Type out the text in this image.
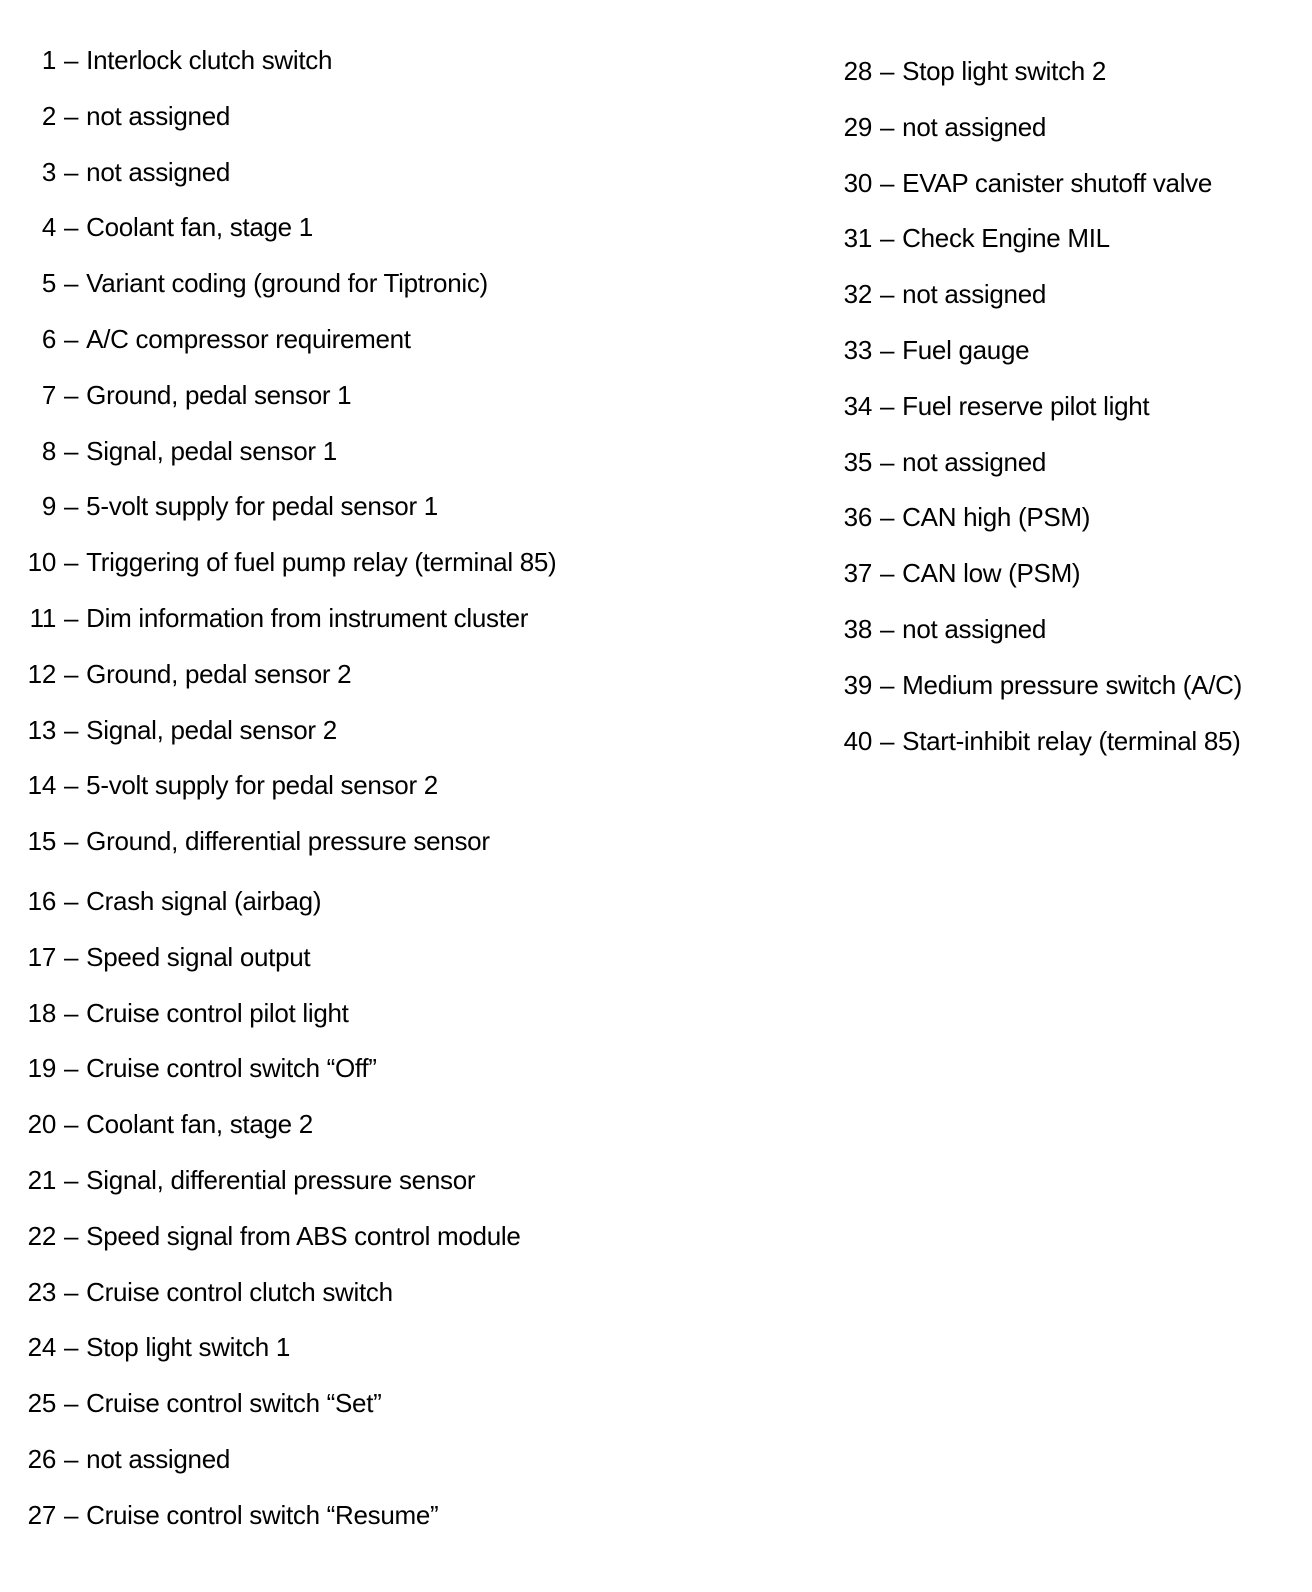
1 – Interlock clutch switch
2 – not assigned
3 – not assigned
4 – Coolant fan, stage 1
5 – Variant coding (ground for Tiptronic)
6 – A/C compressor requirement
7 – Ground, pedal sensor 1
8 – Signal, pedal sensor 1
9 – 5-volt supply for pedal sensor 1
10 – Triggering of fuel pump relay (terminal 85)
11 – Dim information from instrument cluster
12 – Ground, pedal sensor 2
13 – Signal, pedal sensor 2
14 – 5-volt supply for pedal sensor 2
15 – Ground, differential pressure sensor
16 – Crash signal (airbag)
17 – Speed signal output
18 – Cruise control pilot light
19 – Cruise control switch “Off”
20 – Coolant fan, stage 2
21 – Signal, differential pressure sensor
22 – Speed signal from ABS control module
23 – Cruise control clutch switch
24 – Stop light switch 1
25 – Cruise control switch “Set”
26 – not assigned
27 – Cruise control switch “Resume”
28 – Stop light switch 2
29 – not assigned
30 – EVAP canister shutoff valve
31 – Check Engine MIL
32 – not assigned
33 – Fuel gauge
34 – Fuel reserve pilot light
35 – not assigned
36 – CAN high (PSM)
37 – CAN low (PSM)
38 – not assigned
39 – Medium pressure switch (A/C)
40 – Start-inhibit relay (terminal 85)
